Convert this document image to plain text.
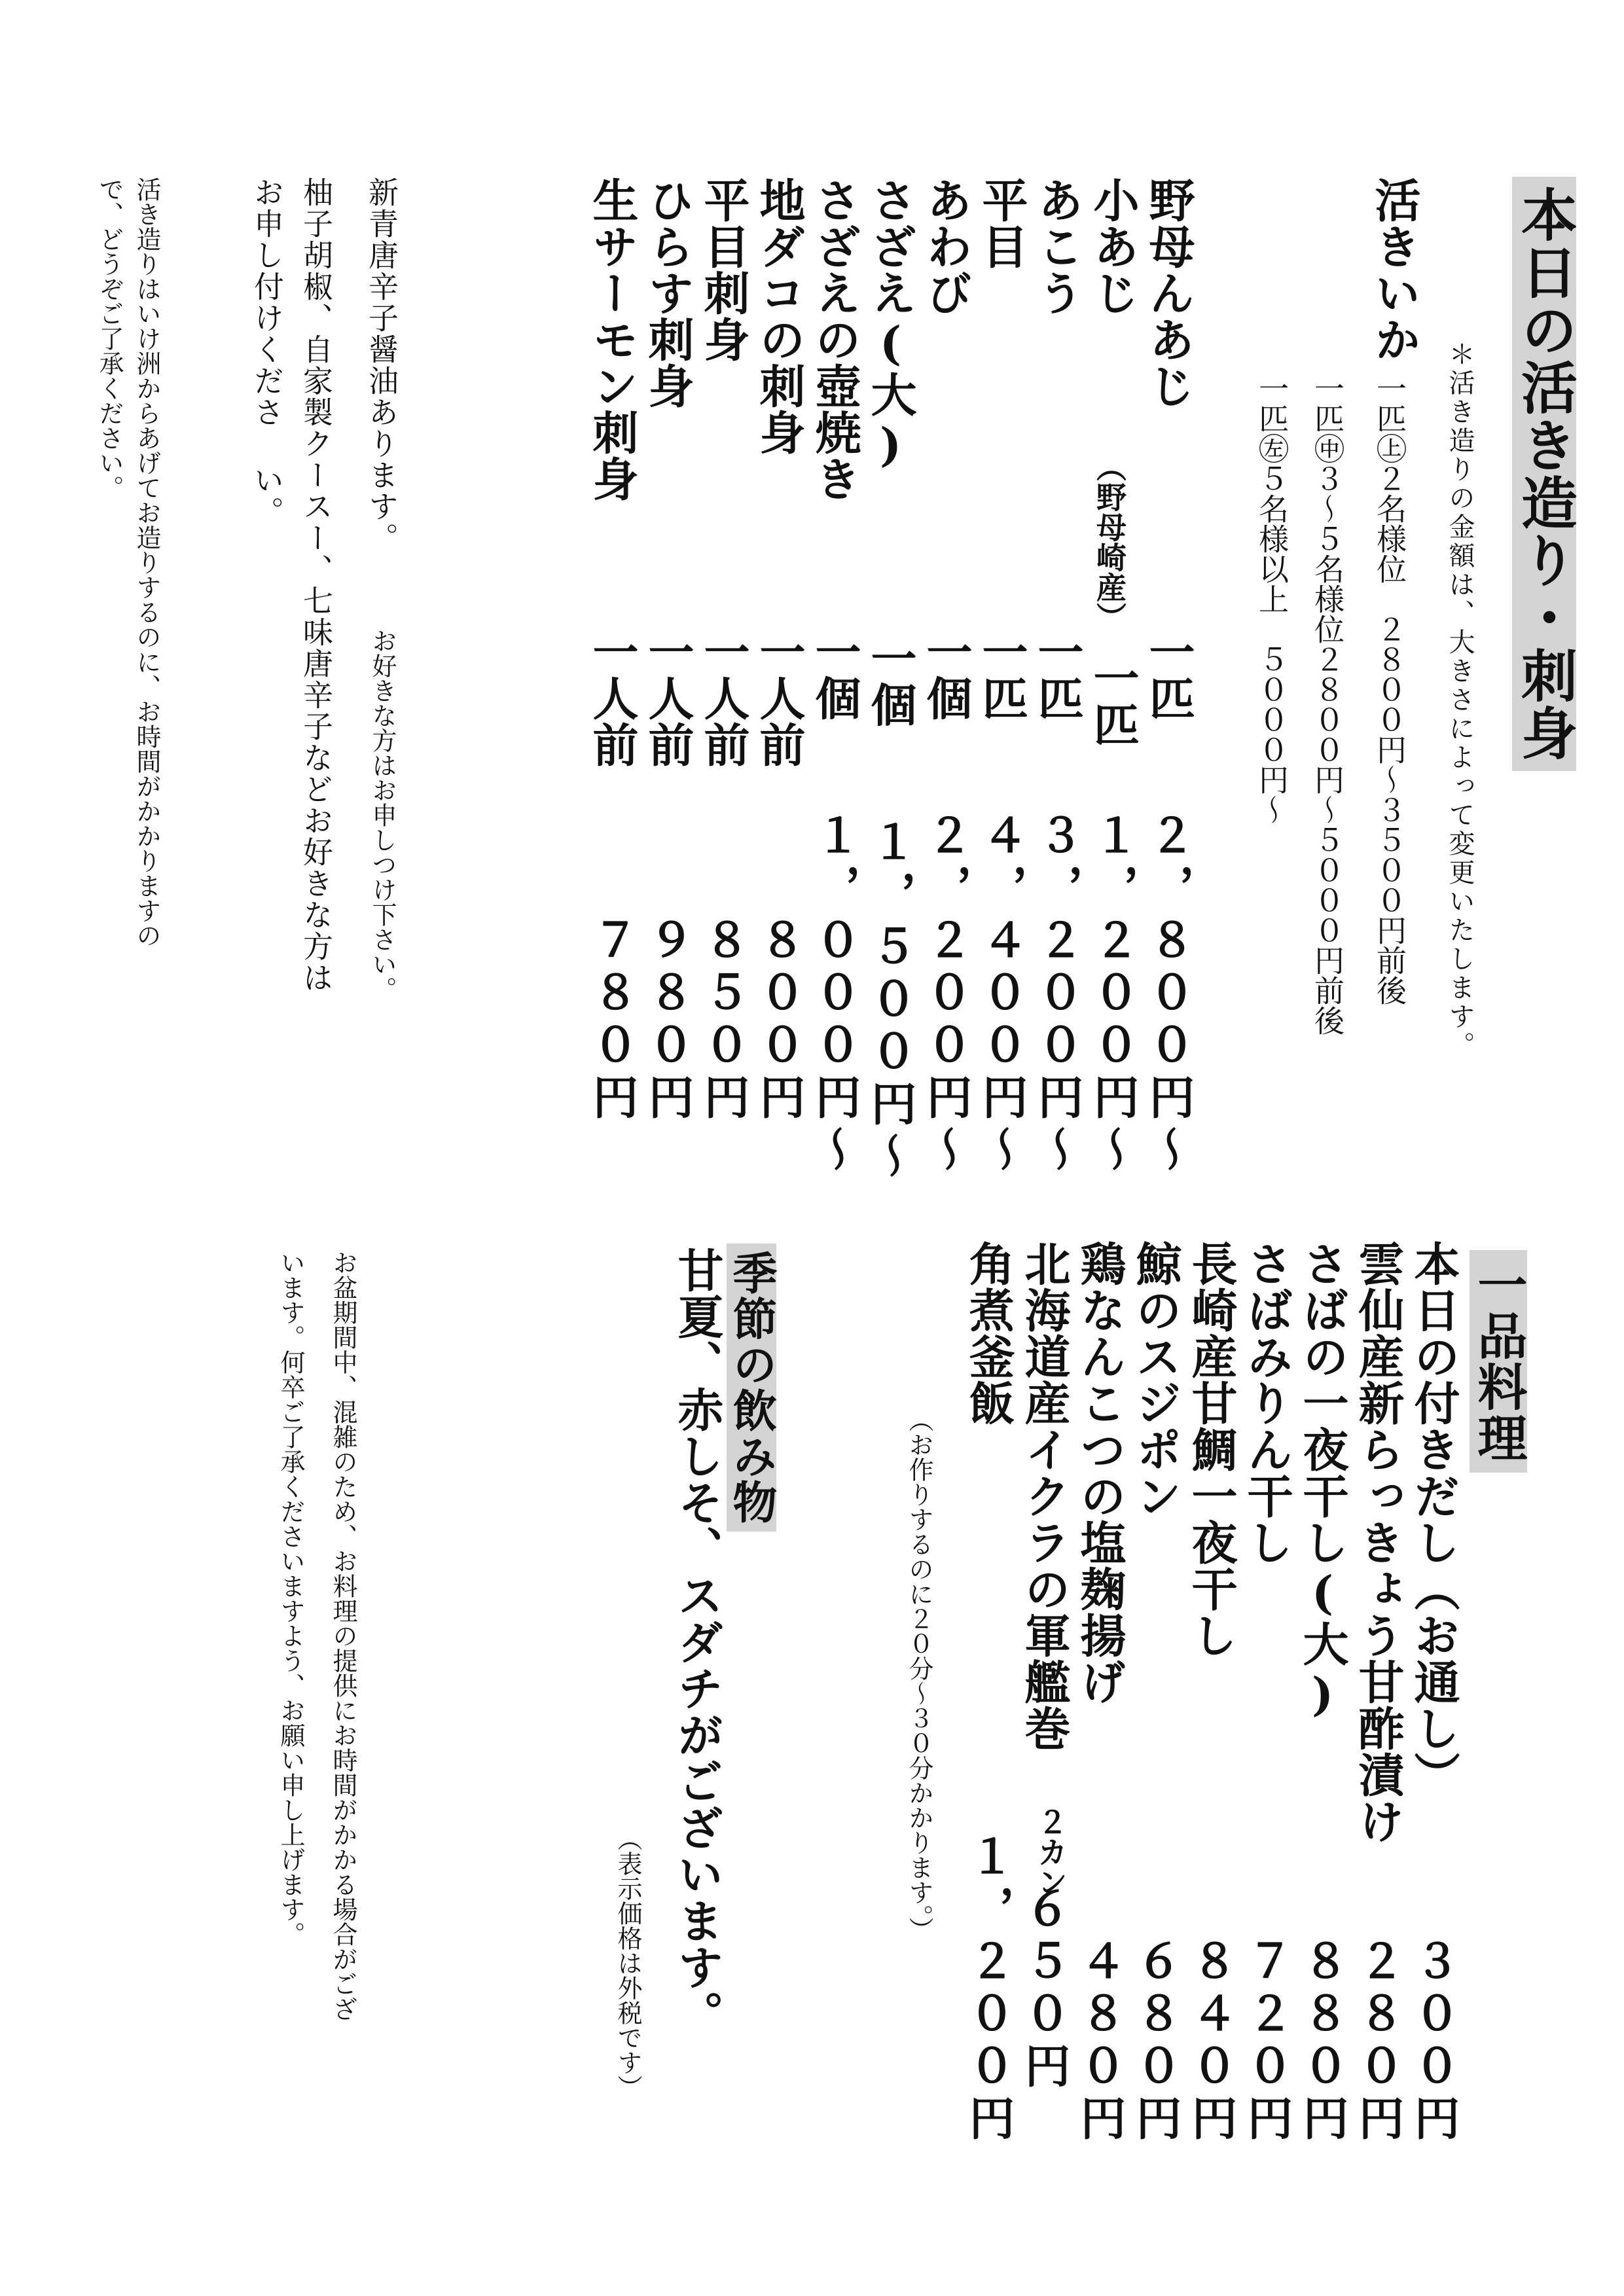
本日の活き造り・刺身
＊活き造りの金額は、大きさによって変更いたします。
活きいか
一匹㊤２名様位　２８００円～３５００円前後
一匹㊥３～５名様位２８００円～５０００円前後
一匹㊧５名様以上　５０００円～
野母んあじ
小あじ
（野母崎産）
あこう
平目
あわび
さざえ(大)
さざえの壺焼き
地ダコの刺身
平目刺身
ひらす刺身
生サーモン刺身
一匹
一匹
一匹
一匹
一個
一個
一個
一人前
一人前
一人前
一人前
２，８００円～
１，２００円～
３，２００円～
４，４００円～
２，２００円～
１，５００円～
１，０００円～
８００円
８５０円
９８０円
７８０円
新青唐辛子醤油あります。
お好きな方はお申しつけ下さい。
柚子胡椒、自家製クースー、七味唐辛子などお好きな方は
お申し付けくださ い。
活き造りはいけ洲からあげてお造りするのに、お時間がかかりますの
で、どうぞご了承ください。
一品料理
本日の付きだし（お通し）
雲仙産新らっきょう甘酢漬け
さばの一夜干し(大)
さばみりん干し
長崎産甘鯛一夜干し
鯨のスジポン
鶏なんこつの塩麹揚げ
北海道産イクラの軍艦巻
角煮釜飯
（お作りするのに２０分～３０分かかります。）	２カン
３００円
２８０円
８８０円
７２０円
８４０円
６８０円
４８０円
６５０円
１，２００円
季節の飲み物
甘夏、赤しそ、スダチがございます。
（表示価格は外税です）
お盆期間中、混雑のため、お料理の提供にお時間がかかる場合がござ
います。何卒ご了承くださいますよう、お願い申し上げます。
